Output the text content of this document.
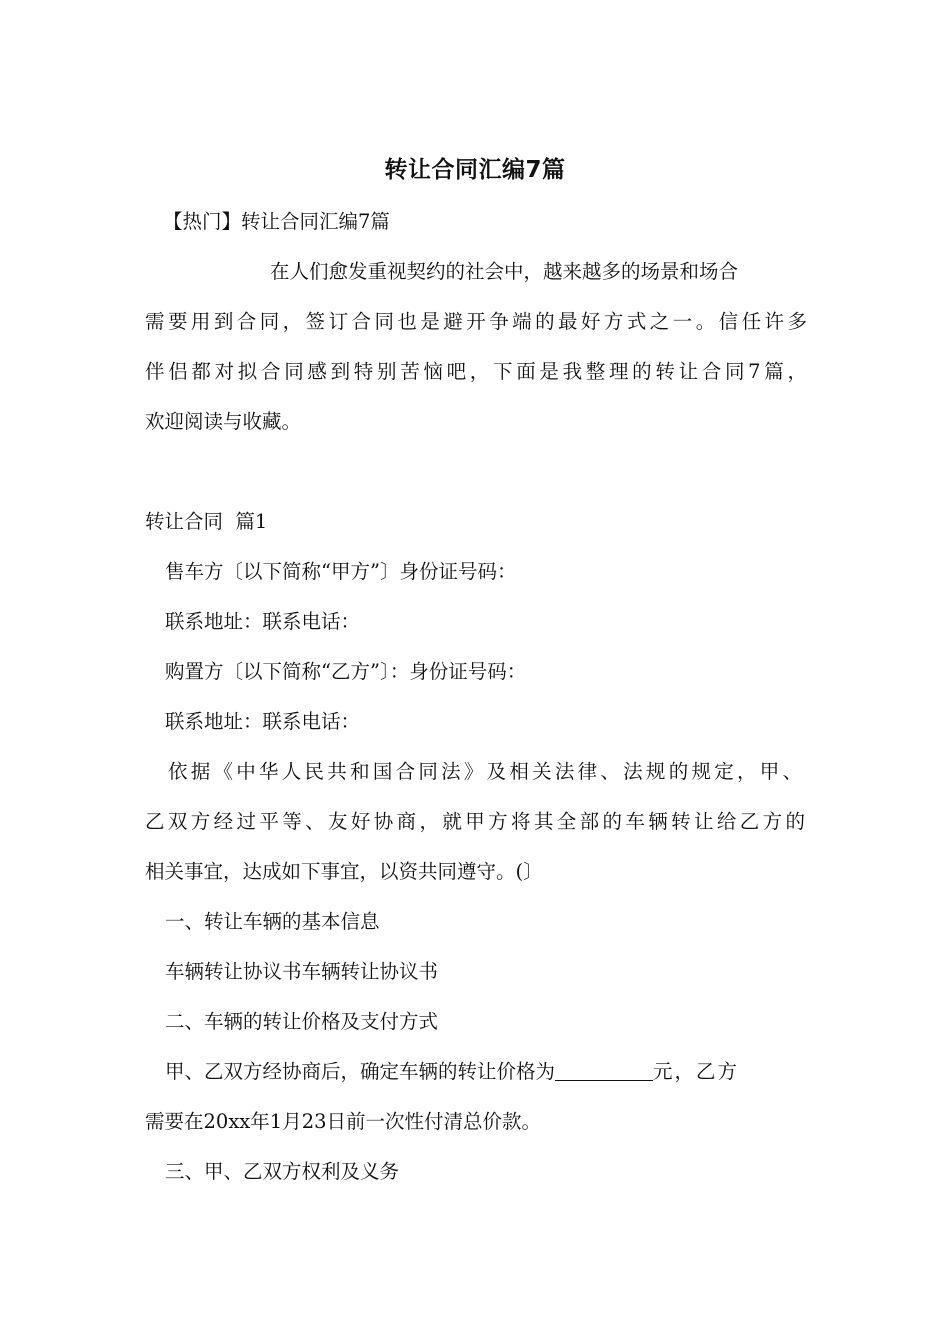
转让合同汇编7篇
【热门】转让合同汇编7篇
在人们愈发重视契约的社会中，越来越多的场景和场合
需要用到合同，签订合同也是避开争端的最好方式之一。信任许多
伴侣都对拟合同感到特别苦恼吧，下面是我整理的转让合同7篇，
欢迎阅读与收藏。
转让合同  篇1
售车方〔以下简称“甲方”〕身份证号码：
联系地址：联系电话：
购置方〔以下简称“乙方”〕：身份证号码：
联系地址：联系电话：
依据《中华人民共和国合同法》及相关法律、法规的规定，甲、
乙双方经过平等、友好协商，就甲方将其全部的车辆转让给乙方的
相关事宜，达成如下事宜，以资共同遵守。(〕
一、转让车辆的基本信息
车辆转让协议书车辆转让协议书
二、车辆的转让价格及支付方式
甲、乙双方经协商后，确定车辆的转让价格为	元，乙方
需要在20xx年1月23日前一次性付清总价款。
三、甲、乙双方权利及义务
